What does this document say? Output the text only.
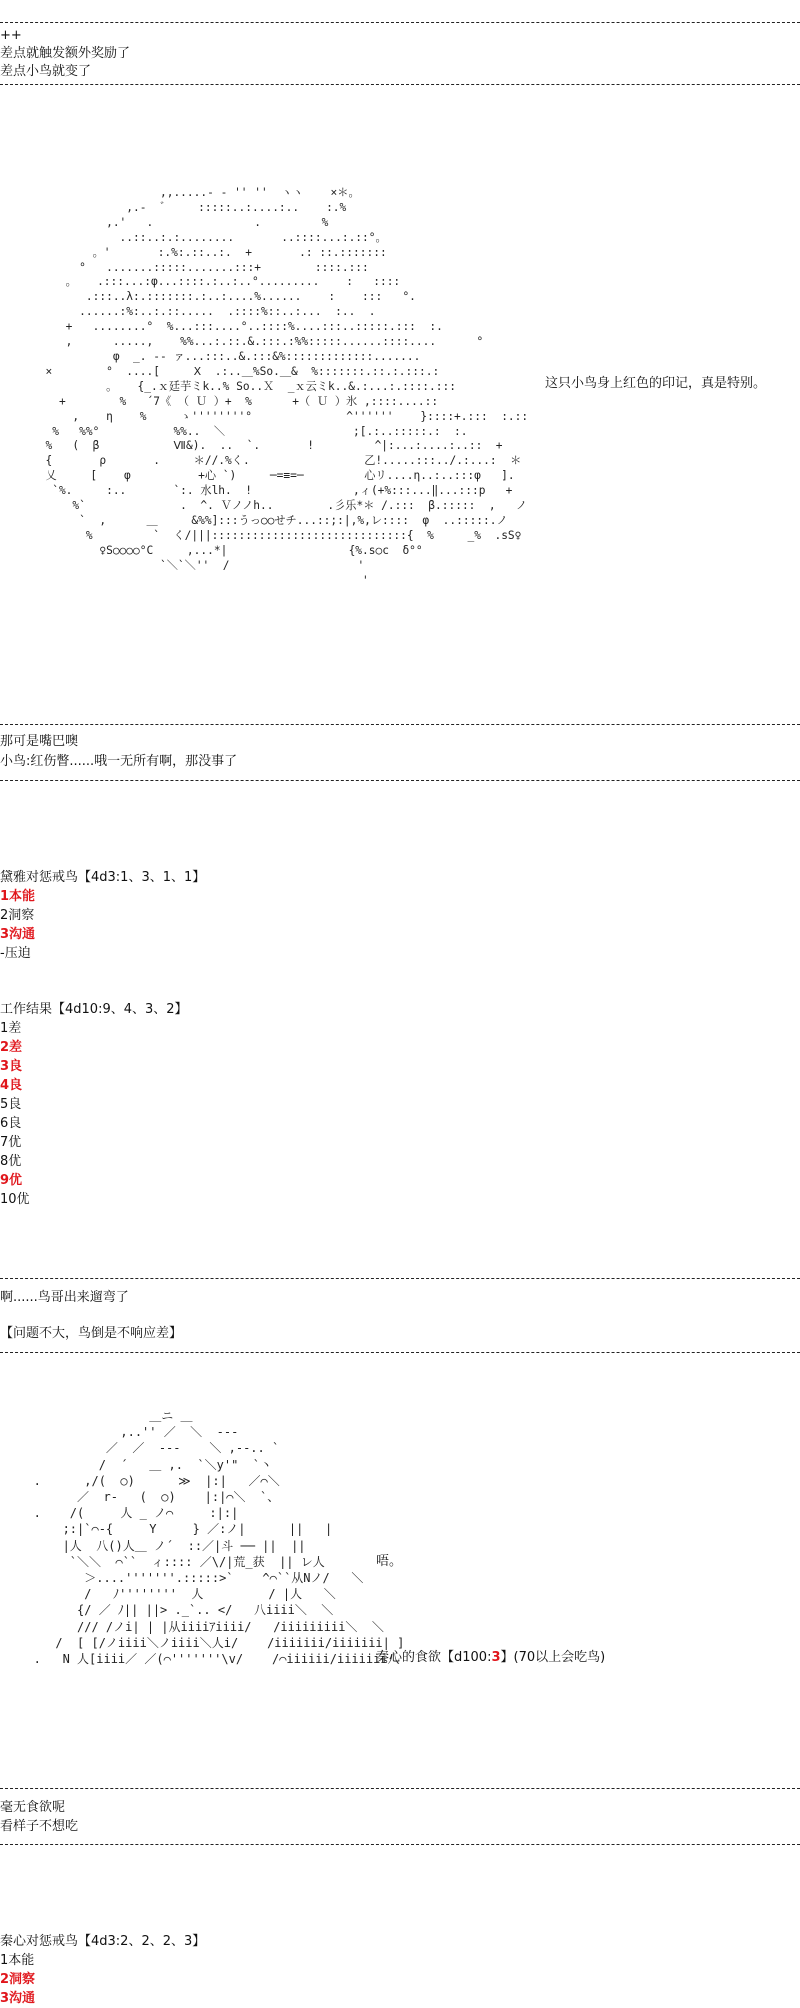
++
差点就触发额外奖励了
差点小鸟就变了
,,.....- ‐ '' ''  ヽヽ    ×＊。
,.-  ゛    :::::..:....:..    :.%
,.'   .               .         %
..::..:.:........       ..::::...:.::°。
。'       :.%:.::..:.  +       .: ::.:::::::
°   .......:::::.......:::+        ::::.:::
。   .:::...:φ...::::.:..:..°.........    :   ::::
.:::..λ:.:::::::.:..:....%......    :    :::   °.
......:%:..:.::.....  .::::%::..:...  :..  .
+   ........°  %...:::....°..::::%....:::..:::::.:::  :.
,      .....,    %%...:.::.&.:::.:%%:::::......::::....      °
φ  _. ‐- ァ...:::..&.:::&%:::::::::::::.......
×        °  ....[     Ⅹ  .:..＿%So.＿&  %:::::::.::.:.:::.:
。   {_.ｘ廷芋ミk..% So..Ｘ  _ｘ云ミk..&.:...:.::::.:::
+        %   ´7《 （ Ｕ ）+  %      +（ Ｕ ）氷 ,::::....::
,    η    %     ゝ''''''''°              ^''''''    }::::+.:::  :.::
%   %%°           %%..  ＼                   ;[.:..:::::.:  :.
%   (  β           Ⅶ&).  ..  `.       !         ^|:...:....:..::  +
{       ρ       .     ＊//.%く.                 乙!.....:::../.:...:  ＊
乂     [    φ          +心 `)     ─=≡=─         心リ....η..:..:::φ   ].
`%.     :..       `:. 水lh.  !               ,ィ(+%:::...‖...:::p   +
%`              .  ^. Ｖノノh..        .彡乐*＊ /.:::  β.:::::  ,   ノ
`  ,      ＿     &%%]:::うっ○○せチ...::;:|,%,レ::::  φ  ..:::::.ノ
%         `  く/|||:::::::::::::::::::::::::::::{  %     _%  .sS♀
♀S○○○○°C     ,...*|                  {%.s○c  δ°°
`＼`＼''  /                   '
'
这只小鸟身上红色的印记，真是特别。
那可是嘴巴噢
小鸟:红伤瞥......哦一无所有啊，那没事了
黛雅对惩戒鸟【4d3:1、3、1、1】
1本能
2洞察
3沟通
-压迫
工作结果【4d10:9、4、3、2】
1差
2差
3良
4良
5良
6良
7优
8优
9优
10优
啊......鸟哥出来遛弯了
【问题不大，鸟倒是不响应差】
＿ニ ＿
,..'' ／  ＼  ---
／  ／  ---    ＼ ,--.. `
/  ´   ＿ ,.  `＼y'"  `丶
.      ,/(  ○)      ≫  |:|   ／⌒＼
／  r-   (  ○)    |:|⌒＼  `、
.    /(     人 _ ノ⌒     :|:|
;:|`⌒-{     Y     } ／:ノ|      ||   |
|人  八()人＿ ノ´  ::／|斗 ── ||  ||
`＼＼  ⌒``  ィ:::: ／\/|荒_获  || レ人
＞....'''''''.:::::>`    ^⌒``从Nノ/   ＼
/   ﾉ''''''''  人         / |人   ＼
{/ ／ ﾉ|| ||> ._`.. </   八iiii＼  ＼
/// /ノi| | |从iiiiｱiiii/   /iiiiiiiii＼  ＼
/  [ [/ノiiii＼ノiiii＼人i/    /iiiiiii/iiiiiii| ]
.   N 人[iiii／ ／(⌒'''''''\v/    /⌒iiiiii/iiiiiii八
唔。
秦心的食欲【d100:3】(70以上会吃鸟)
毫无食欲呢
看样子不想吃
秦心对惩戒鸟【4d3:2、2、2、3】
1本能
2洞察
3沟通
